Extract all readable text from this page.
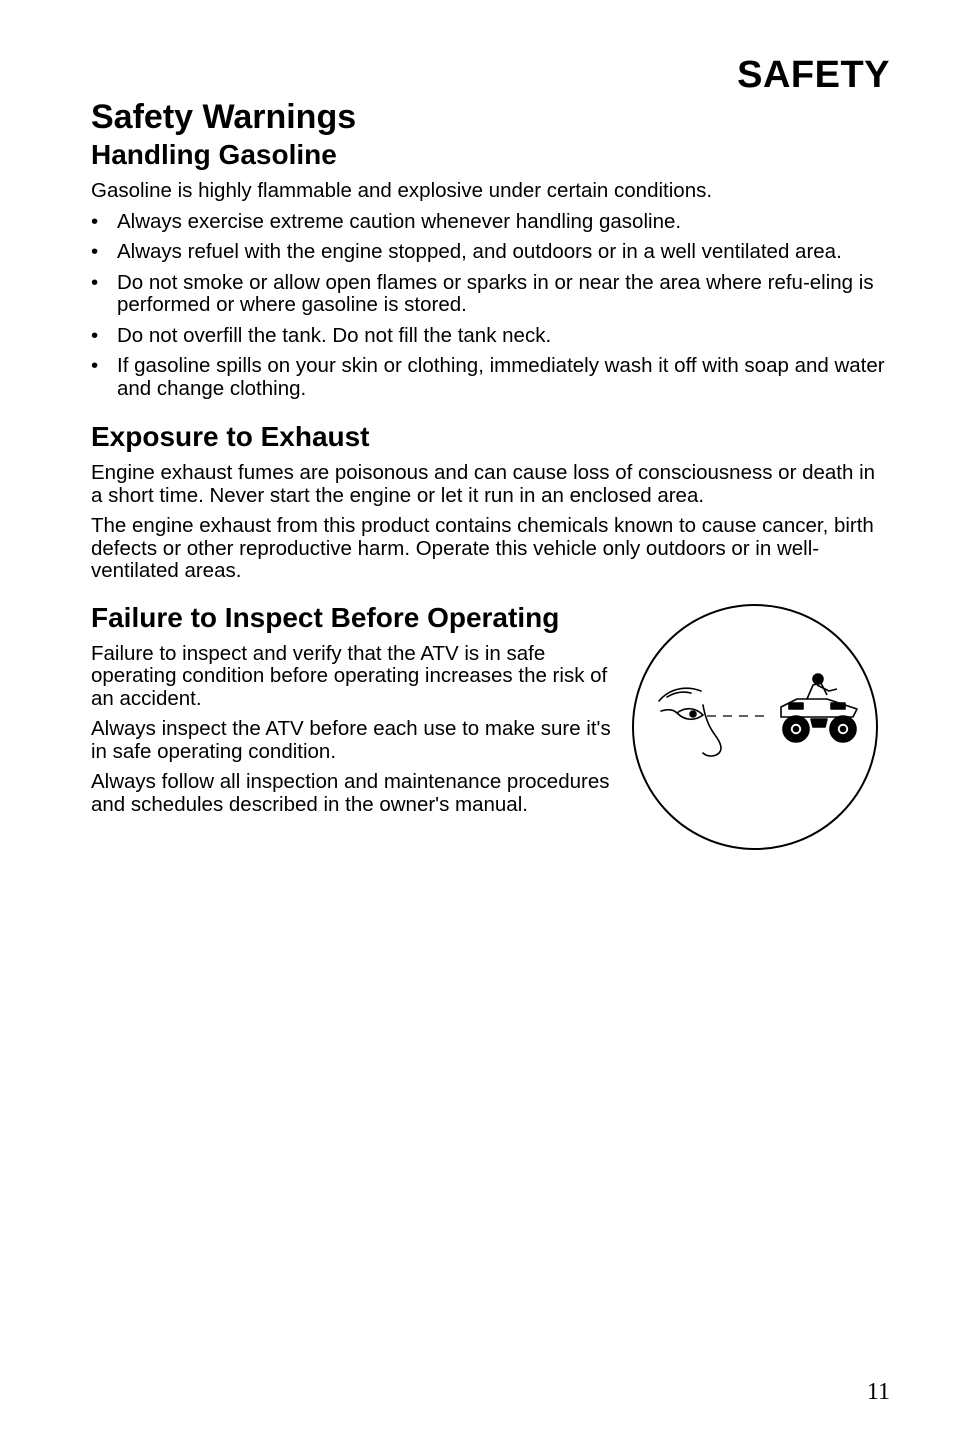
SAFETY
Safety Warnings
Handling Gasoline

Gasoline is highly flammable and explosive under certain conditions.

• Always exercise extreme caution whenever handling gasoline.
• Always refuel with the engine stopped, and outdoors or in a well ventilated area.
• Do not smoke or allow open flames or sparks in or near the area where refu-eling is performed or where gasoline is stored.
• Do not overfill the tank. Do not fill the tank neck.
• If gasoline spills on your skin or clothing, immediately wash it off with soap and water and change clothing.
Exposure to Exhaust

Engine exhaust fumes are poisonous and can cause loss of consciousness or death in a short time. Never start the engine or let it run in an enclosed area.

The engine exhaust from this product contains chemicals known to cause cancer, birth defects or other reproductive harm. Operate this vehicle only outdoors or in well-ventilated areas.

Failure to Inspect Before Operating

Failure to inspect and verify that the ATV is in safe operating condition before operating increases the risk of an accident.

Always inspect the ATV before each use to make sure it's in safe operating condition.

Always follow all inspection and maintenance procedures and schedules described in the owner's manual.

11
